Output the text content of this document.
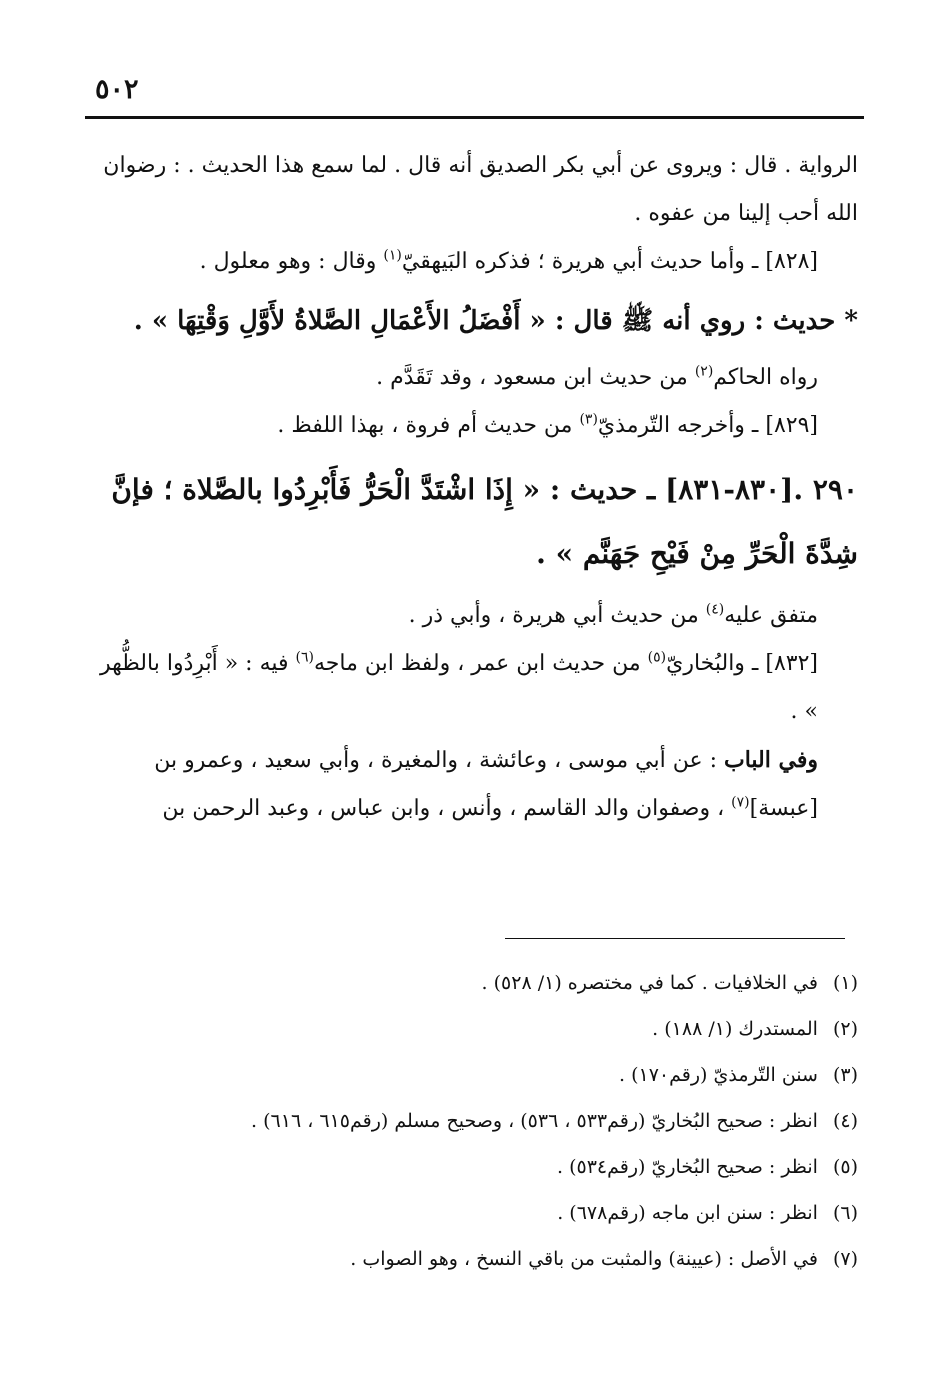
٥٠٢

الرواية . قال : ويروى عن أبي بكر الصديق أنه قال . لما سمع هذا الحديث . : رضوان الله أحب إلينا من عفوه .

[٨٢٨] ـ وأما حديث أبي هريرة ؛ فذكره البَيهقيّ$^{(١)}$ وقال : وهو معلول .

* حديث : روي أنه ﷺ قال : « أَفْضَلُ الأَعْمَالِ الصَّلاةُ لأَوَّلِ وَقْتِهَا » .

رواه الحاكم$^{(٢)}$ من حديث ابن مسعود ، وقد تَقَدَّم .

[٨٢٩] ـ وأخرجه التّرمذيّ$^{(٣)}$ من حديث أم فروة ، بهذا اللفظ .

٢٩٠ .[٨٣٠-٨٣١] ـ حديث : « إِذَا اشْتَدَّ الْحَرُّ فَأَبْرِدُوا بالصَّلاة ؛ فإنَّ شِدَّةَ الْحَرِّ مِنْ فَيْحِ جَهَنَّم » .

متفق عليه$^{(٤)}$ من حديث أبي هريرة ، وأبي ذر .

[٨٣٢] ـ والبُخاريّ$^{(٥)}$ من حديث ابن عمر ، ولفظ ابن ماجه$^{(٦)}$ فيه : « أَبْرِدُوا بالظُّهر » .

وفي الباب : عن أبي موسى ، وعائشة ، والمغيرة ، وأبي سعيد ، وعمرو بن [عبسة]$^{(٧)}$ ، وصفوان والد القاسم ، وأنس ، وابن عباس ، وعبد الرحمن بن

(١) في الخلافيات . كما في مختصره (١/ ٥٢٨) .

(٢) المستدرك (١/ ١٨٨) .

(٣) سنن التّرمذيّ (رقم١٧٠) .

(٤) انظر : صحيح البُخاريّ (رقم٥٣٣ ، ٥٣٦) ، وصحيح مسلم (رقم٦١٥ ، ٦١٦) .

(٥) انظر : صحيح البُخاريّ (رقم٥٣٤) .

(٦) انظر : سنن ابن ماجه (رقم٦٧٨) .

(٧) في الأصل : (عيينة) والمثبت من باقي النسخ ، وهو الصواب .
